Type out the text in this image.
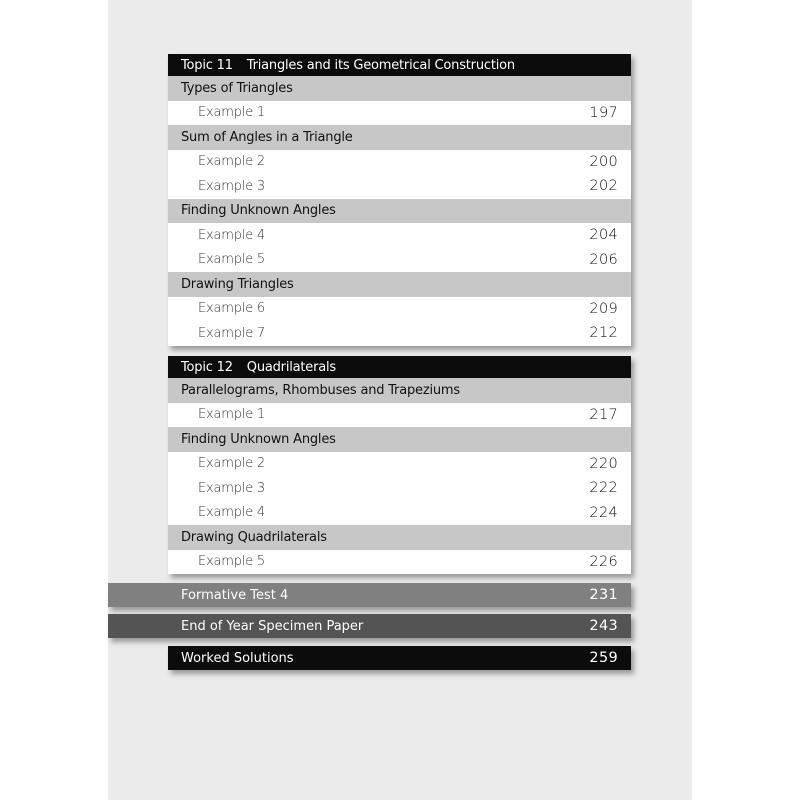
Topic 11 Triangles and its Geometrical Construction
Types of Triangles
Example 1	197
Sum of Angles in a Triangle
Example 2	200
Example 3	202
Finding Unknown Angles
Example 4	204
Example 5	206
Drawing Triangles
Example 6	209
Example 7	212
Topic 12 Quadrilaterals
Parallelograms, Rhombuses and Trapeziums
Example 1	217
Finding Unknown Angles
Example 2	220
Example 3	222
Example 4	224
Drawing Quadrilaterals
Example 5	226
Formative Test 4	231
End of Year Specimen Paper	243
Worked Solutions	259
